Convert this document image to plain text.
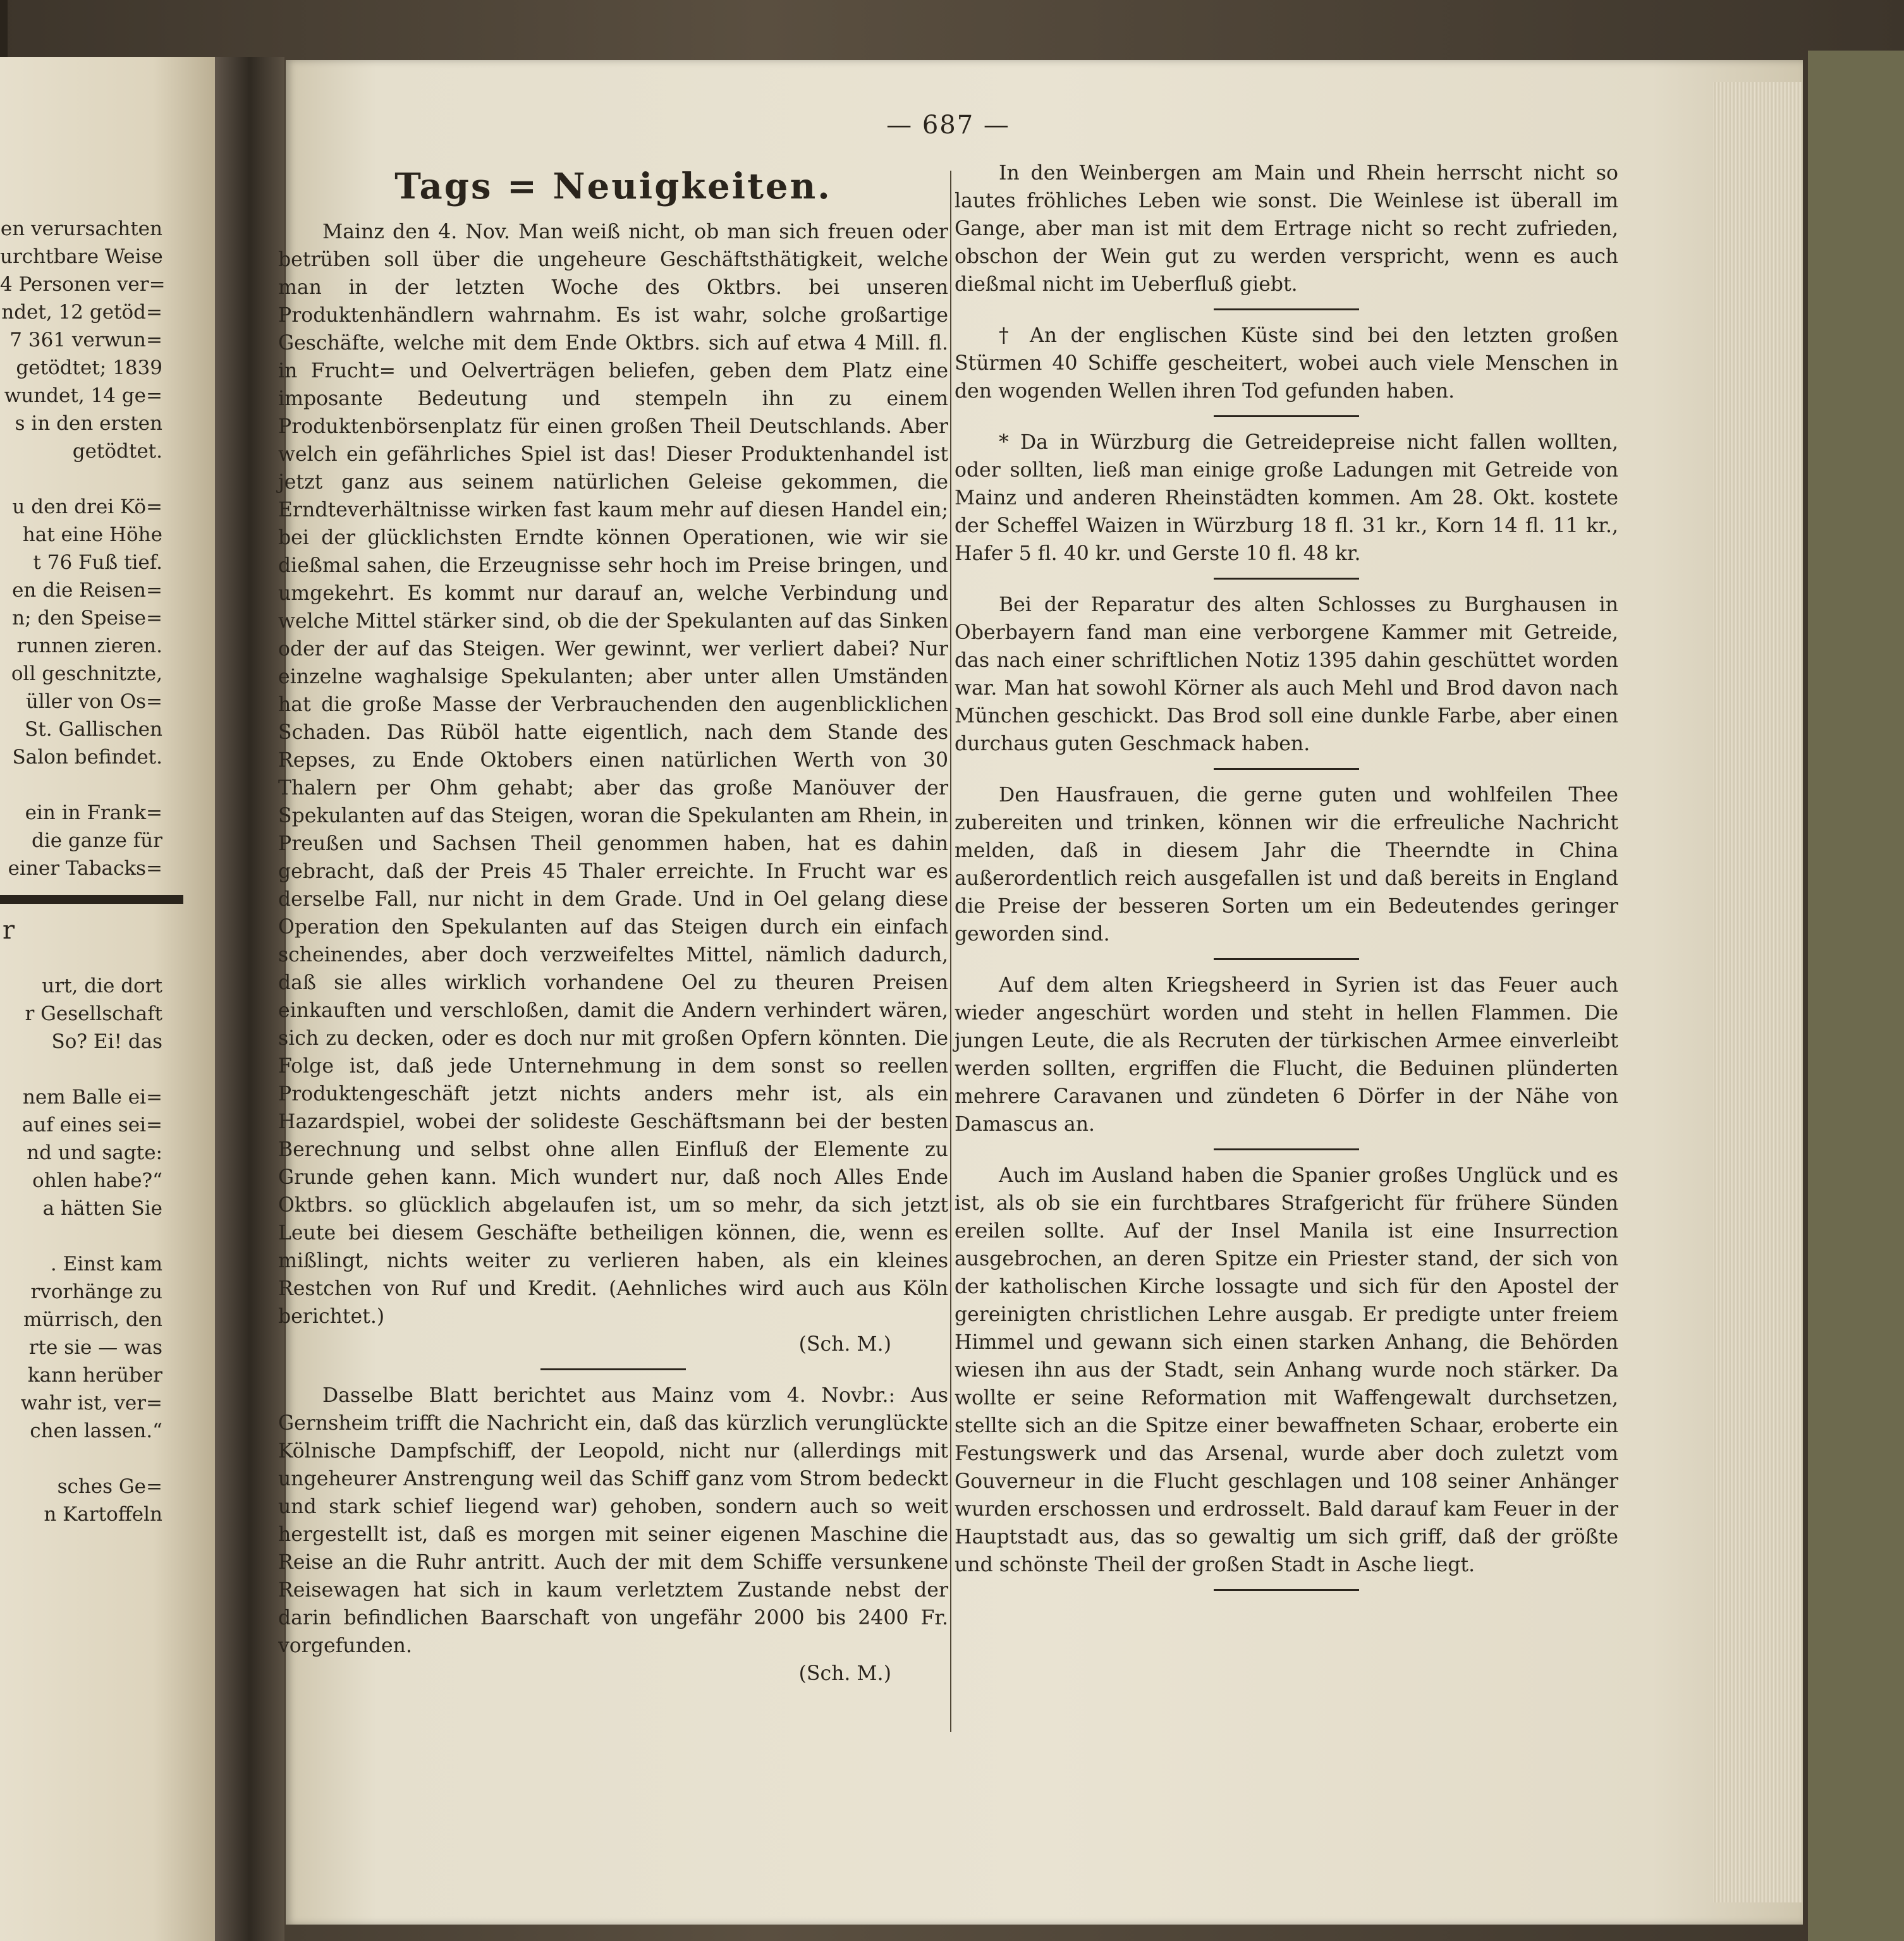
en verursachten
urchtbare Weise
4 Personen ver=
ndet, 12 getöd=
7 361 verwun=
getödtet; 1839
wundet, 14 ge=
s in den ersten
getödtet.
u den drei Kö=
hat eine Höhe
t 76 Fuß tief.
en die Reisen=
n; den Speise=
runnen zieren.
oll geschnitzte,
üller von Os=
St. Gallischen
Salon befindet.
ein in Frank=
die ganze für
einer Tabacks=
r
urt, die dort
r Gesellschaft
So? Ei! das
nem Balle ei=
auf eines sei=
nd und sagte:
ohlen habe?“
a hätten Sie
. Einst kam
rvorhänge zu
mürrisch, den
rte sie — was
kann herüber
wahr ist, ver=
chen lassen.“
sches Ge=
n Kartoffeln
— 687 —
Tags = Neuigkeiten.

Mainz den 4. Nov. Man weiß nicht, ob man sich freuen oder betrüben soll über die ungeheure Geschäftsthätigkeit, welche man in der letzten Woche des Oktbrs. bei unseren Produktenhändlern wahrnahm. Es ist wahr, solche großartige Geschäfte, welche mit dem Ende Oktbrs. sich auf etwa 4 Mill. fl. in Frucht= und Oelverträgen beliefen, geben dem Platz eine imposante Bedeutung und stempeln ihn zu einem Produktenbörsenplatz für einen großen Theil Deutschlands. Aber welch ein gefährliches Spiel ist das! Dieser Produktenhandel ist jetzt ganz aus seinem natürlichen Geleise gekommen, die Erndteverhältnisse wirken fast kaum mehr auf diesen Handel ein; bei der glücklichsten Erndte können Operationen, wie wir sie dießmal sahen, die Erzeugnisse sehr hoch im Preise bringen, und umgekehrt. Es kommt nur darauf an, welche Verbindung und welche Mittel stärker sind, ob die der Spekulanten auf das Sinken oder der auf das Steigen. Wer gewinnt, wer verliert dabei? Nur einzelne waghalsige Spekulanten; aber unter allen Umständen hat die große Masse der Verbrauchenden den augenblicklichen Schaden. Das Rüböl hatte eigentlich, nach dem Stande des Repses, zu Ende Oktobers einen natürlichen Werth von 30 Thalern per Ohm gehabt; aber das große Manöuver der Spekulanten auf das Steigen, woran die Spekulanten am Rhein, in Preußen und Sachsen Theil genommen haben, hat es dahin gebracht, daß der Preis 45 Thaler erreichte. In Frucht war es derselbe Fall, nur nicht in dem Grade. Und in Oel gelang diese Operation den Spekulanten auf das Steigen durch ein einfach scheinendes, aber doch verzweifeltes Mittel, nämlich dadurch, daß sie alles wirklich vorhandene Oel zu theuren Preisen einkauften und verschloßen, damit die Andern verhindert wären, sich zu decken, oder es doch nur mit großen Opfern könnten. Die Folge ist, daß jede Unternehmung in dem sonst so reellen Produktengeschäft jetzt nichts anders mehr ist, als ein Hazardspiel, wobei der solideste Geschäftsmann bei der besten Berechnung und selbst ohne allen Einfluß der Elemente zu Grunde gehen kann. Mich wundert nur, daß noch Alles Ende Oktbrs. so glücklich abgelaufen ist, um so mehr, da sich jetzt Leute bei diesem Geschäfte betheiligen können, die, wenn es mißlingt, nichts weiter zu verlieren haben, als ein kleines Restchen von Ruf und Kredit. (Aehnliches wird auch aus Köln berichtet.)

(Sch. M.)

Dasselbe Blatt berichtet aus Mainz vom 4. Novbr.: Aus Gernsheim trifft die Nachricht ein, daß das kürzlich verunglückte Kölnische Dampfschiff, der Leopold, nicht nur (allerdings mit ungeheurer Anstrengung weil das Schiff ganz vom Strom bedeckt und stark schief liegend war) gehoben, sondern auch so weit hergestellt ist, daß es morgen mit seiner eigenen Maschine die Reise an die Ruhr antritt. Auch der mit dem Schiffe versunkene Reisewagen hat sich in kaum verletztem Zustande nebst der darin befindlichen Baarschaft von ungefähr 2000 bis 2400 Fr. vorgefunden.

(Sch. M.)

In den Weinbergen am Main und Rhein herrscht nicht so lautes fröhliches Leben wie sonst. Die Weinlese ist überall im Gange, aber man ist mit dem Ertrage nicht so recht zufrieden, obschon der Wein gut zu werden verspricht, wenn es auch dießmal nicht im Ueberfluß giebt.

† An der englischen Küste sind bei den letzten großen Stürmen 40 Schiffe gescheitert, wobei auch viele Menschen in den wogenden Wellen ihren Tod gefunden haben.

* Da in Würzburg die Getreidepreise nicht fallen wollten, oder sollten, ließ man einige große Ladungen mit Getreide von Mainz und anderen Rheinstädten kommen. Am 28. Okt. kostete der Scheffel Waizen in Würzburg 18 fl. 31 kr., Korn 14 fl. 11 kr., Hafer 5 fl. 40 kr. und Gerste 10 fl. 48 kr.

Bei der Reparatur des alten Schlosses zu Burghausen in Oberbayern fand man eine verborgene Kammer mit Getreide, das nach einer schriftlichen Notiz 1395 dahin geschüttet worden war. Man hat sowohl Körner als auch Mehl und Brod davon nach München geschickt. Das Brod soll eine dunkle Farbe, aber einen durchaus guten Geschmack haben.

Den Hausfrauen, die gerne guten und wohlfeilen Thee zubereiten und trinken, können wir die erfreuliche Nachricht melden, daß in diesem Jahr die Theerndte in China außerordentlich reich ausgefallen ist und daß bereits in England die Preise der besseren Sorten um ein Bedeutendes geringer geworden sind.

Auf dem alten Kriegsheerd in Syrien ist das Feuer auch wieder angeschürt worden und steht in hellen Flammen. Die jungen Leute, die als Recruten der türkischen Armee einverleibt werden sollten, ergriffen die Flucht, die Beduinen plünderten mehrere Caravanen und zündeten 6 Dörfer in der Nähe von Damascus an.

Auch im Ausland haben die Spanier großes Unglück und es ist, als ob sie ein furchtbares Strafgericht für frühere Sünden ereilen sollte. Auf der Insel Manila ist eine Insurrection ausgebrochen, an deren Spitze ein Priester stand, der sich von der katholischen Kirche lossagte und sich für den Apostel der gereinigten christlichen Lehre ausgab. Er predigte unter freiem Himmel und gewann sich einen starken Anhang, die Behörden wiesen ihn aus der Stadt, sein Anhang wurde noch stärker. Da wollte er seine Reformation mit Waffengewalt durchsetzen, stellte sich an die Spitze einer bewaffneten Schaar, eroberte ein Festungswerk und das Arsenal, wurde aber doch zuletzt vom Gouverneur in die Flucht geschlagen und 108 seiner Anhänger wurden erschossen und erdrosselt. Bald darauf kam Feuer in der Hauptstadt aus, das so gewaltig um sich griff, daß der größte und schönste Theil der großen Stadt in Asche liegt.
